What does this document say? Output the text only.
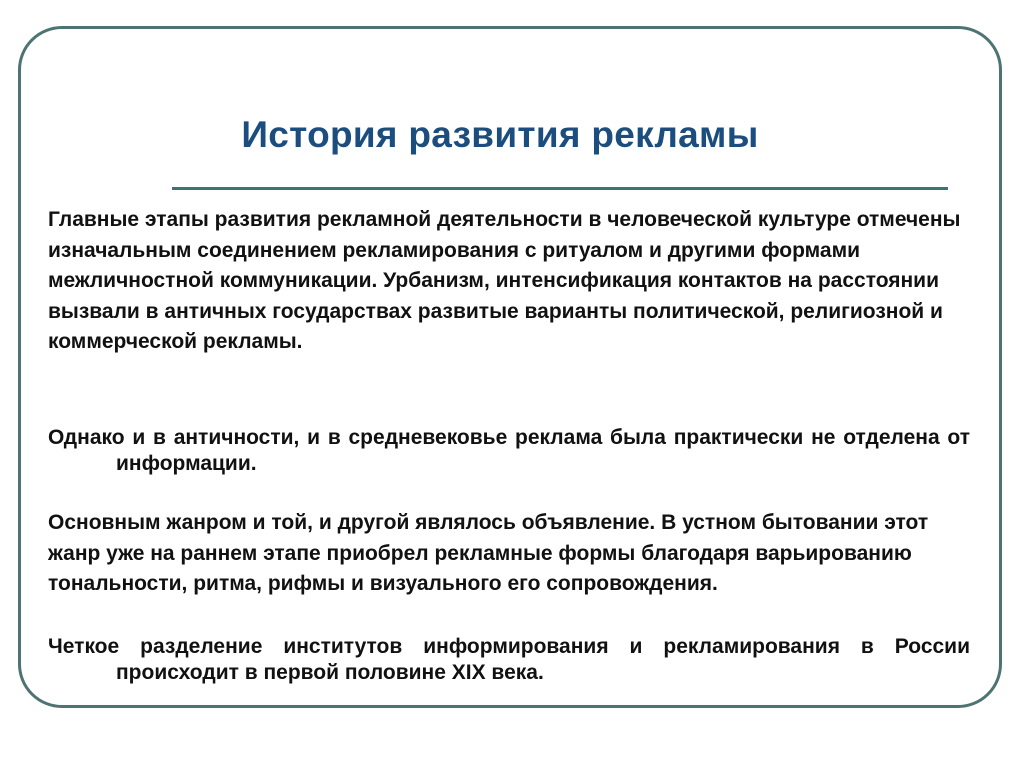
История развития рекламы

Главные этапы развития рекламной деятельности в человеческой культуре отмечены изначальным соединением рекламирования с ритуалом и другими формами межличностной коммуникации. Урбанизм, интенсификация контактов на расстоянии вызвали в античных государствах развитые варианты политической, религиозной и коммерческой рекламы.

Однако и в античности, и в средневековье реклама была практически не отделена от информации.

Основным жанром и той, и другой являлось объявление. В устном бытовании этот жанр уже на раннем этапе приобрел рекламные формы благодаря варьированию тональности, ритма, рифмы и визуального его сопровождения.

Четкое разделение институтов информирования и рекламирования в России происходит в первой половине XIX века.
